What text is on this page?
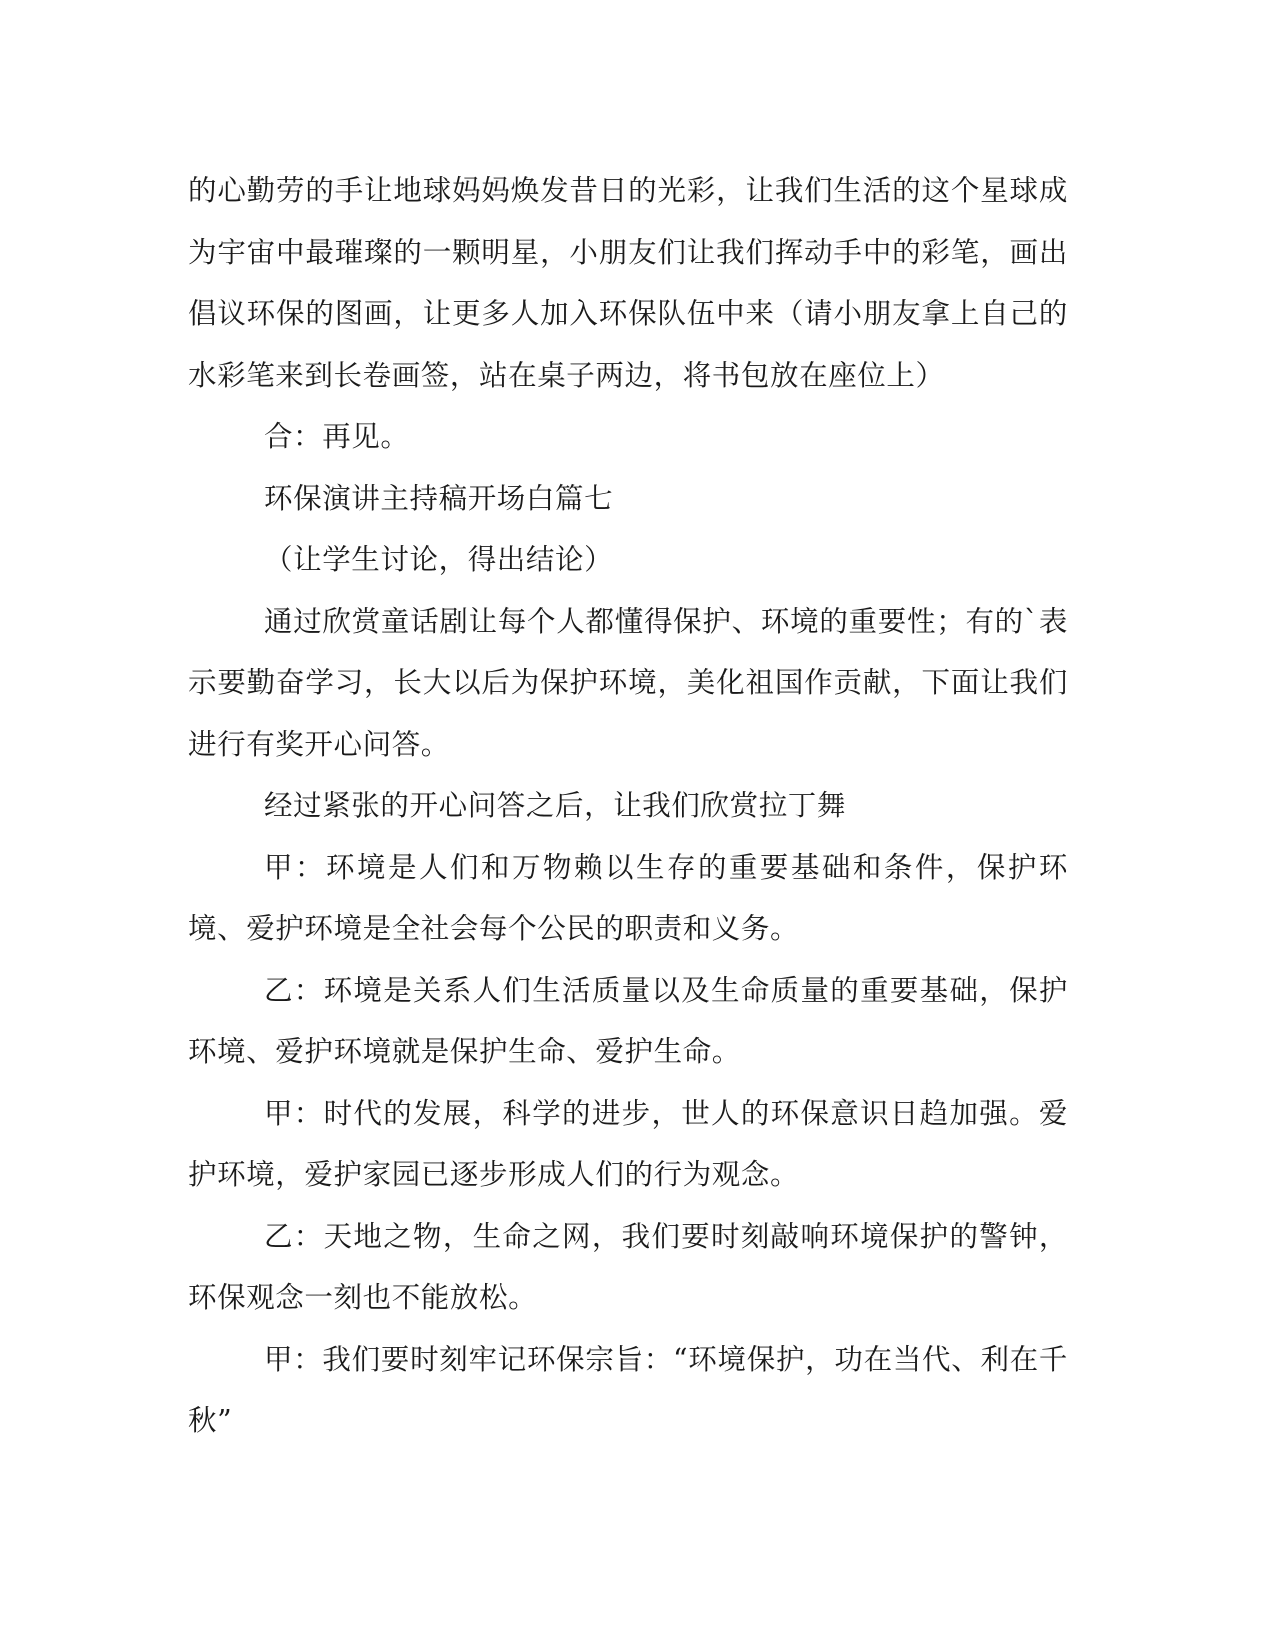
的心勤劳的手让地球妈妈焕发昔日的光彩，让我们生活的这个星球成为宇宙中最璀璨的一颗明星，小朋友们让我们挥动手中的彩笔，画出倡议环保的图画，让更多人加入环保队伍中来（请小朋友拿上自己的水彩笔来到长卷画签，站在桌子两边，将书包放在座位上）

合：再见。

环保演讲主持稿开场白篇七

（让学生讨论，得出结论）

通过欣赏童话剧让每个人都懂得保护、环境的重要性；有的`表示要勤奋学习，长大以后为保护环境，美化祖国作贡献，下面让我们进行有奖开心问答。

经过紧张的开心问答之后，让我们欣赏拉丁舞

甲：环境是人们和万物赖以生存的重要基础和条件，保护环境、爱护环境是全社会每个公民的职责和义务。

乙：环境是关系人们生活质量以及生命质量的重要基础，保护环境、爱护环境就是保护生命、爱护生命。

甲：时代的发展，科学的进步，世人的环保意识日趋加强。爱护环境，爱护家园已逐步形成人们的行为观念。

乙：天地之物，生命之网，我们要时刻敲响环境保护的警钟，环保观念一刻也不能放松。

甲：我们要时刻牢记环保宗旨：“环境保护，功在当代、利在千秋”
